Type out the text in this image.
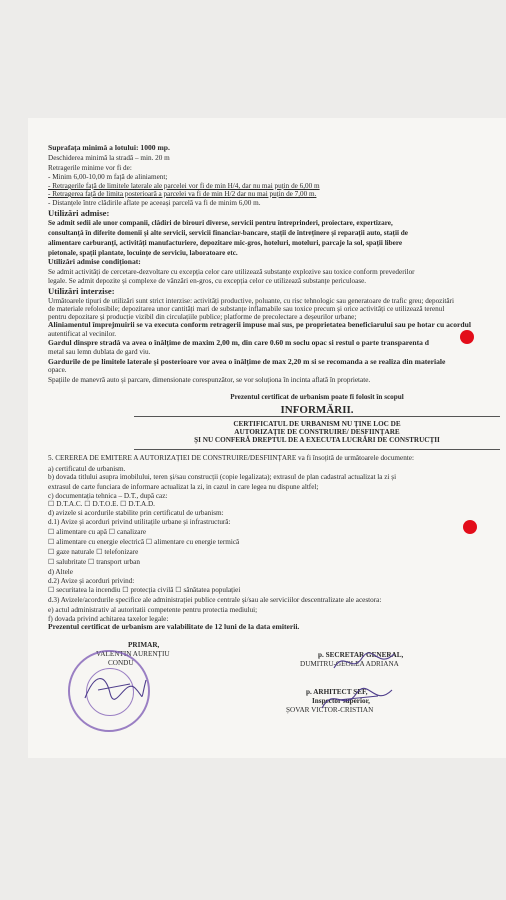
Suprafața minimă a lotului: 1000 mp.
Deschiderea minimă la stradă – min. 20 m
Retragerile minime vor fi de:
- Minim 6,00-10,00 m față de aliniament;
- Retragerile față de limitele laterale ale parcelei vor fi de min H/4, dar nu mai puțin de 6,00 m
- Retragerea față de limita posterioară a parcelei va fi de min H/2 dar nu mai puțin de 7,00 m.
- Distanțele între clădirile aflate pe aceeași parcelă va fi de minim 6,00 m.
Utilizări admise:
Se admit sedii ale unor companii, clădiri de birouri diverse, servicii pentru întreprinderi, proiectare, expertizare,
consultanță în diferite domenii și alte servicii, servicii financiar-bancare, stații de întreținere și reparații auto, stații de
alimentare carburanți, activități manufacturiere, depozitare mic-gros, hoteluri, moteluri, parcaje la sol, spații libere
pietonale, spații plantate, locuințe de serviciu, laboratoare etc.
Utilizări admise condiționat:
Se admit activități de cercetare-dezvoltare cu excepția celor care utilizează substanțe explozive sau toxice conform prevederilor
legale. Se admit depozite și complexe de vânzări en-gros, cu excepția celor ce utilizează substanțe periculoase.
Utilizări interzise:
Următoarele tipuri de utilizări sunt strict interzise: activități productive, poluante, cu risc tehnologic sau generatoare de trafic greu; depozitări
de materiale refolosibile; depozitarea unor cantități mari de substanțe inflamabile sau toxice precum și orice activități ce utilizează terenul
pentru depozitare și producție vizibil din circulațiile publice; platforme de precolectare a deșeurilor urbane;
Aliniamentul împrejmuirii se va executa conform retragerii impuse mai sus, pe proprietatea beneficiarului sau pe hotar cu acordul
autentificat al vecinilor.
Gardul dinspre stradă va avea o înălțime de maxim 2,00 m, din care 0.60 m soclu opac si restul o parte transparenta d
metal sau lemn dublata de gard viu.
Gardurile de pe limitele laterale și posterioare vor avea o înălțime de max 2,20 m si se recomanda a se realiza din materiale
opace.
Spațiile de manevră auto și parcare, dimensionate corespunzător, se vor soluționa în incinta aflată în proprietate.
Prezentul certificat de urbanism poate fi folosit în scopul
INFORMĂRII.
CERTIFICATUL DE URBANISM NU ȚINE LOC DE
AUTORIZAȚIE DE CONSTRUIRE/ DESFIINȚARE
ȘI NU CONFERĂ DREPTUL DE A EXECUTA LUCRĂRI DE CONSTRUCȚII
5. CEREREA DE EMITERE A AUTORIZAȚIEI DE CONSTRUIRE/DESFIINȚARE va fi însoțită de următoarele documente:
a) certificatul de urbanism.
b) dovada titlului asupra imobilului, teren și/sau construcții (copie legalizata); extrasul de plan cadastral actualizat la zi și
extrasul de carte funciara de informare actualizat la zi, in cazul in care legea nu dispune altfel;
c) documentația tehnica – D.T., după caz:
☐ D.T.A.C. ☐ D.T.O.E. ☐ D.T.A.D.
d) avizele si acordurile stabilite prin certificatul de urbanism:
d.1) Avize și acorduri privind utilitațile urbane și infrastructură:
☐ alimentare cu apă ☐ canalizare
☐ alimentare cu energie electrică ☐ alimentare cu energie termică
☐ gaze naturale ☐ telefonizare
☐ salubritate ☐ transport urban
d) Altele
d.2) Avize și acorduri privind:
☐ securitatea la incendiu ☐ protecția civilă ☐ sănătatea populației
d.3) Avizele/acordurile specifice ale administrației publice centrale și/sau ale serviciilor descentralizate ale acestora:
e) actul administrativ al autoritatii competente pentru protectia mediului;
f) dovada privind achitarea taxelor legale:
Prezentul certificat de urbanism are valabilitate de 12 luni de la data emiterii.
PRIMAR,
VALENTIN AURENȚIU
CONDU
p. SECRETAR GENERAL,
DUMITRU-GEOLEA ADRIANA
p. ARHITECT ȘEF,
Inspector superior,
ȘOVAR VICTOR-CRISTIAN
